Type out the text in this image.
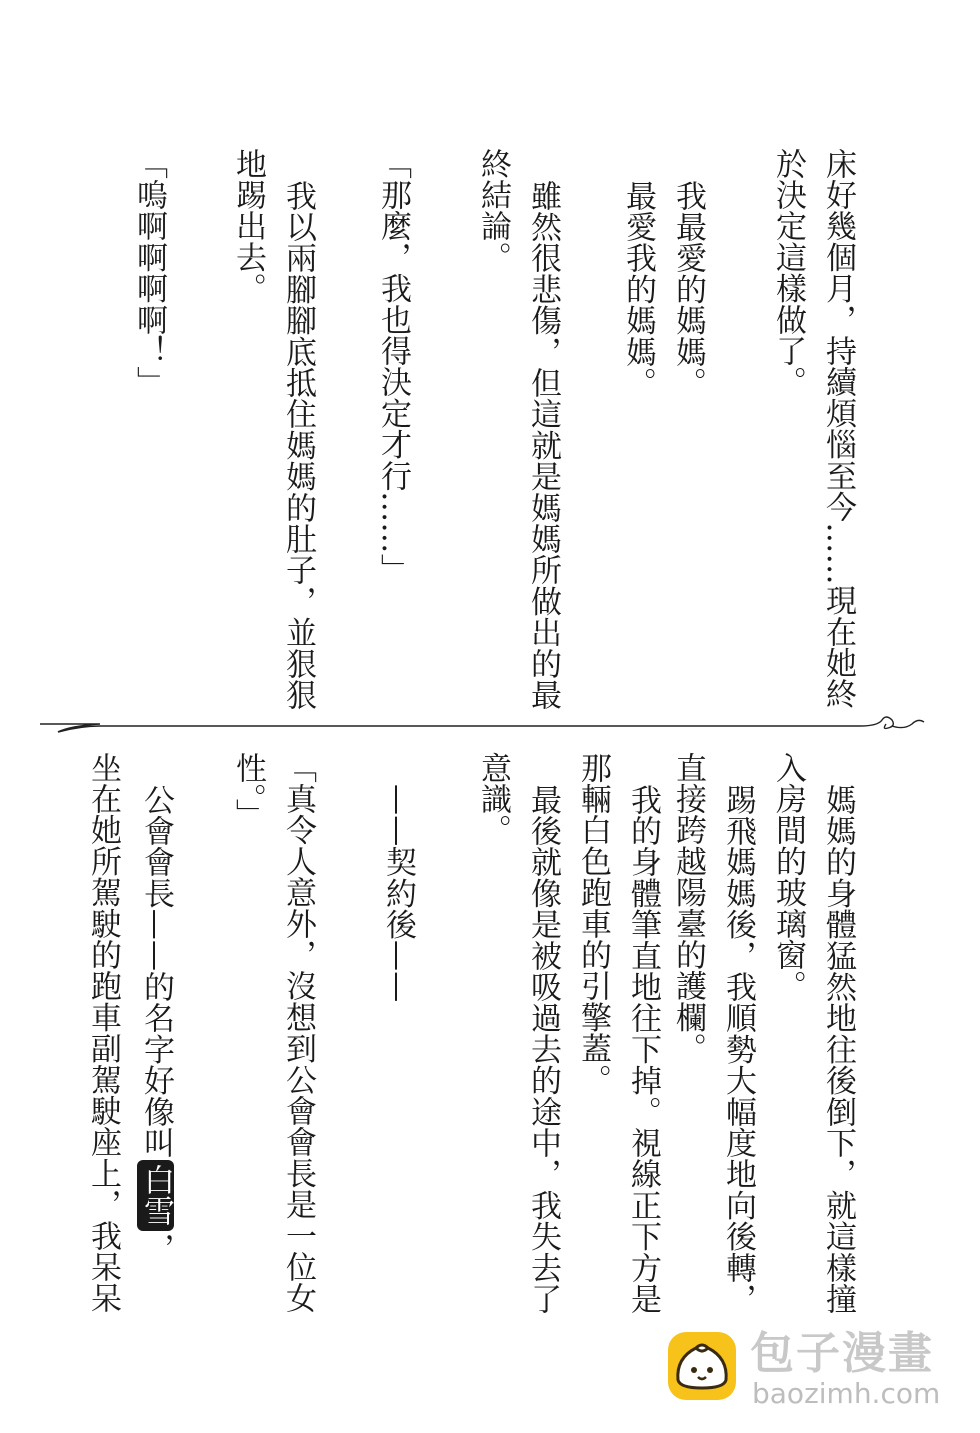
床好幾個月，持續煩惱至今……現在她終
於決定這樣做了。
我最愛的媽媽。
最愛我的媽媽。
雖然很悲傷，但這就是媽媽所做出的最
終結論。
「那麼，我也得決定才行……」
我以兩腳腳底抵住媽媽的肚子，並狠狠
地踢出去。
「嗚啊啊啊啊！」
媽媽的身體猛然地往後倒下，就這樣撞
入房間的玻璃窗。
踢飛媽媽後，我順勢大幅度地向後轉，
直接跨越陽臺的護欄。
我的身體筆直地往下掉。視線正下方是
那輛白色跑車的引擎蓋。
最後就像是被吸過去的途中，我失去了
意識。
——契約後——
「真令人意外，沒想到公會會長是一位女
性。」
公會會長——的名字好像叫白雪，
坐在她所駕駛的跑車副駕駛座上，我呆呆
包子漫畫
baozimh.com
